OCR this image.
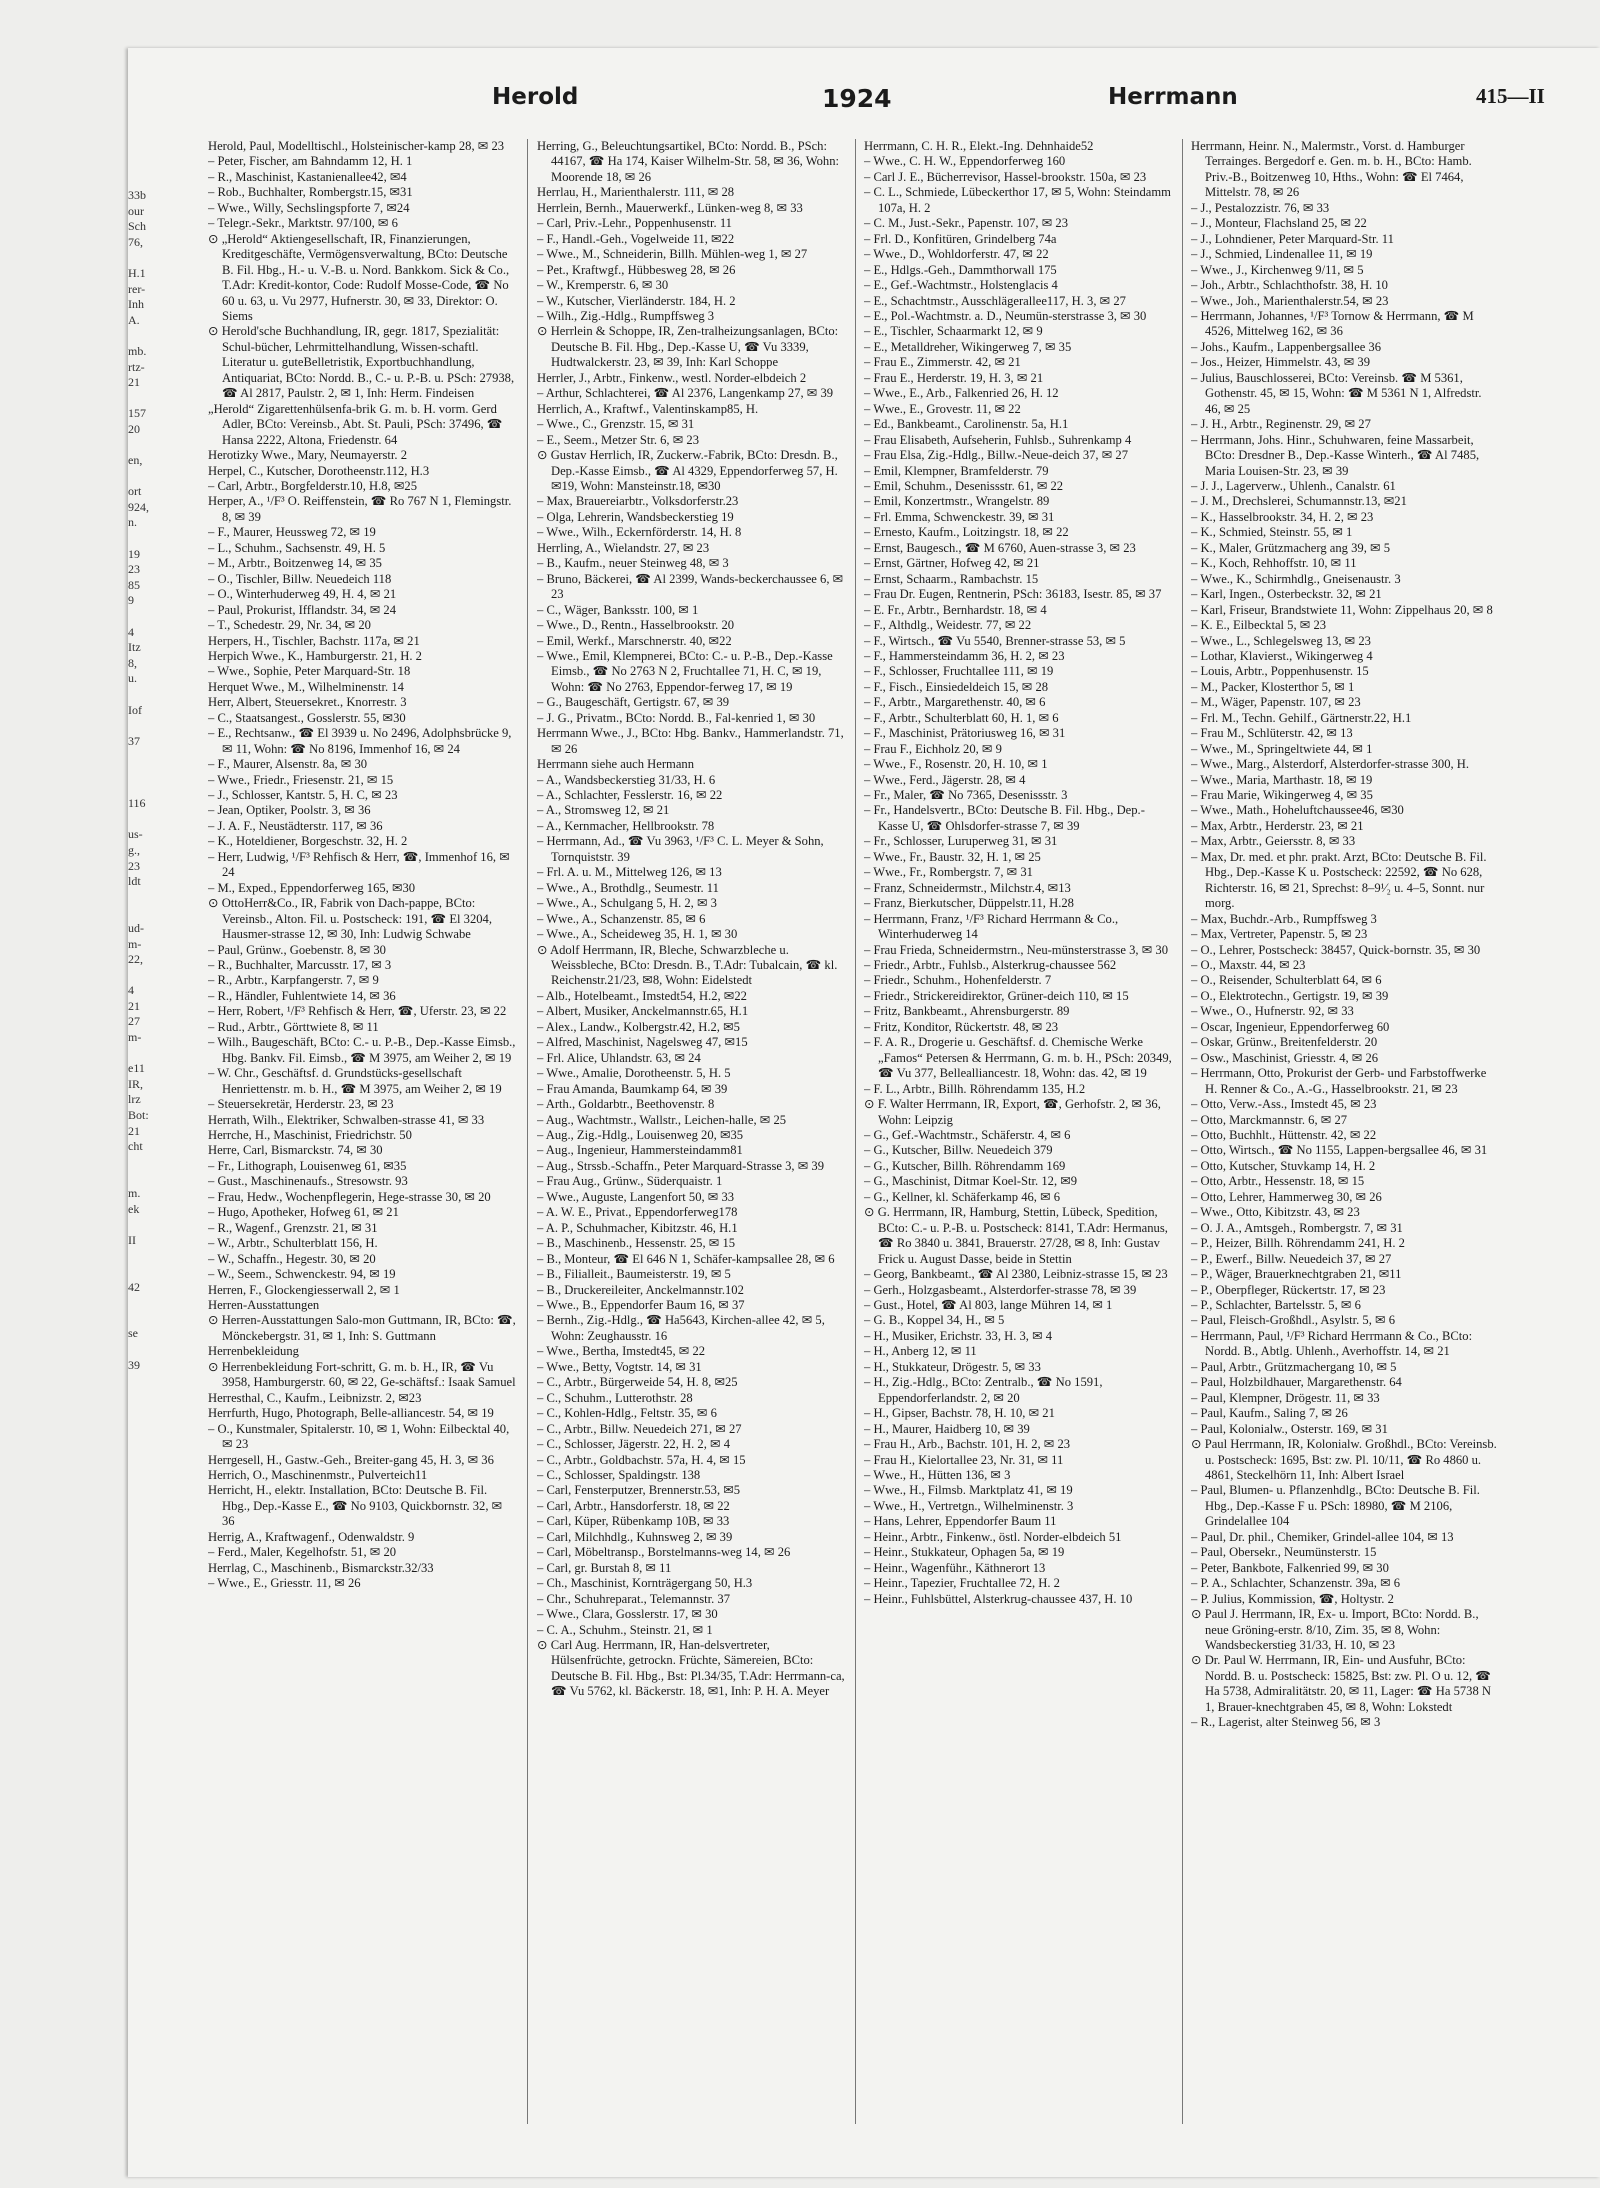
33b
our
Sch
76,

H.1
rer-
Inh
A.

mb.
rtz-
21

157
20

en,

ort
924,
n.

19
23
85
9

4
Itz
8,
u.

Iof

37

116

us-
g.,
23
ldt

ud-
m-
22,

4
21
27
m-

e11
IR,
lrz
Bot:
21
cht

m.
ek

II

42

se

39
Herold	1924	Herrmann	415—II

Herold, Paul, Modelltischl., Holsteinischer-kamp 28, ✉ 23

– Peter, Fischer, am Bahndamm 12, H. 1

– R., Maschinist, Kastanienallee42, ✉4

– Rob., Buchhalter, Rombergstr.15, ✉31

– Wwe., Willy, Sechslingspforte 7, ✉24

– Telegr.-Sekr., Marktstr. 97/100, ✉ 6

⊙ „Herold“ Aktiengesellschaft, IR, Finanzierungen, Kreditgeschäfte, Vermögensverwaltung, BCto: Deutsche B. Fil. Hbg., H.- u. V.-B. u. Nord. Bankkom. Sick & Co., T.Adr: Kredit-kontor, Code: Rudolf Mosse-Code, ☎ No 60 u. 63, u. Vu 2977, Hufnerstr. 30, ✉ 33, Direktor: O. Siems

⊙ Herold'sche Buchhandlung, IR, gegr. 1817, Spezialität: Schul-bücher, Lehrmittelhandlung, Wissen-schaftl. Literatur u. guteBelletristik, Exportbuchhandlung, Antiquariat, BCto: Nordd. B., C.- u. P.-B. u. PSch: 27938, ☎ Al 2817, Paulstr. 2, ✉ 1, Inh: Herm. Findeisen

„Herold“ Zigarettenhülsenfa-brik G. m. b. H. vorm. Gerd Adler, BCto: Vereinsb., Abt. St. Pauli, PSch: 37496, ☎ Hansa 2222, Altona, Friedenstr. 64

Herotizky Wwe., Mary, Neumayerstr. 2

Herpel, C., Kutscher, Dorotheenstr.112, H.3

– Carl, Arbtr., Borgfelderstr.10, H.8, ✉25

Herper, A., ¹/F³ O. Reiffenstein, ☎ Ro 767 N 1, Flemingstr. 8, ✉ 39

– F., Maurer, Heussweg 72, ✉ 19

– L., Schuhm., Sachsenstr. 49, H. 5

– M., Arbtr., Boitzenweg 14, ✉ 35

– O., Tischler, Billw. Neuedeich 118

– O., Winterhuderweg 49, H. 4, ✉ 21

– Paul, Prokurist, Ifflandstr. 34, ✉ 24

– T., Schedestr. 29, Nr. 34, ✉ 20

Herpers, H., Tischler, Bachstr. 117a, ✉ 21

Herpich Wwe., K., Hamburgerstr. 21, H. 2

– Wwe., Sophie, Peter Marquard-Str. 18

Herquet Wwe., M., Wilhelminenstr. 14

Herr, Albert, Steuersekret., Knorrestr. 3

– C., Staatsangest., Gosslerstr. 55, ✉30

– E., Rechtsanw., ☎ El 3939 u. No 2496, Adolphsbrücke 9, ✉ 11, Wohn: ☎ No 8196, Immenhof 16, ✉ 24

– F., Maurer, Alsenstr. 8a, ✉ 30

– Wwe., Friedr., Friesenstr. 21, ✉ 15

– J., Schlosser, Kantstr. 5, H. C, ✉ 23

– Jean, Optiker, Poolstr. 3, ✉ 36

– J. A. F., Neustädterstr. 117, ✉ 36

– K., Hoteldiener, Borgeschstr. 32, H. 2

– Herr, Ludwig, ¹/F³ Rehfisch & Herr, ☎, Immenhof 16, ✉ 24

– M., Exped., Eppendorferweg 165, ✉30

⊙ OttoHerr&Co., IR, Fabrik von Dach-pappe, BCto: Vereinsb., Alton. Fil. u. Postscheck: 191, ☎ El 3204, Hausmer-strasse 12, ✉ 30, Inh: Ludwig Schwabe

– Paul, Grünw., Goebenstr. 8, ✉ 30

– R., Buchhalter, Marcusstr. 17, ✉ 3

– R., Arbtr., Karpfangerstr. 7, ✉ 9

– R., Händler, Fuhlentwiete 14, ✉ 36

– Herr, Robert, ¹/F³ Rehfisch & Herr, ☎, Uferstr. 23, ✉ 22

– Rud., Arbtr., Görttwiete 8, ✉ 11

– Wilh., Baugeschäft, BCto: C.- u. P.-B., Dep.-Kasse Eimsb., Hbg. Bankv. Fil. Eimsb., ☎ M 3975, am Weiher 2, ✉ 19

– W. Chr., Geschäftsf. d. Grundstücks-gesellschaft Henriettenstr. m. b. H., ☎ M 3975, am Weiher 2, ✉ 19

– Steuersekretär, Herderstr. 23, ✉ 23

Herrath, Wilh., Elektriker, Schwalben-strasse 41, ✉ 33

Herrche, H., Maschinist, Friedrichstr. 50

Herre, Carl, Bismarckstr. 74, ✉ 30

– Fr., Lithograph, Louisenweg 61, ✉35

– Gust., Maschinenaufs., Stresowstr. 93

– Frau, Hedw., Wochenpflegerin, Hege-strasse 30, ✉ 20

– Hugo, Apotheker, Hofweg 61, ✉ 21

– R., Wagenf., Grenzstr. 21, ✉ 31

– W., Arbtr., Schulterblatt 156, H.

– W., Schaffn., Hegestr. 30, ✉ 20

– W., Seem., Schwenckestr. 94, ✉ 19

Herren, F., Glockengiesserwall 2, ✉ 1

Herren-Ausstattungen

⊙ Herren-Ausstattungen Salo-mon Guttmann, IR, BCto: ☎, Mönckebergstr. 31, ✉ 1, Inh: S. Guttmann

Herrenbekleidung

⊙ Herrenbekleidung Fort-schritt, G. m. b. H., IR, ☎ Vu 3958, Hamburgerstr. 60, ✉ 22, Ge-schäftsf.: Isaak Samuel

Herresthal, C., Kaufm., Leibnizstr. 2, ✉23

Herrfurth, Hugo, Photograph, Belle-alliancestr. 54, ✉ 19

– O., Kunstmaler, Spitalerstr. 10, ✉ 1, Wohn: Eilbecktal 40, ✉ 23

Herrgesell, H., Gastw.-Geh., Breiter-gang 45, H. 3, ✉ 36

Herrich, O., Maschinenmstr., Pulverteich11

Herricht, H., elektr. Installation, BCto: Deutsche B. Fil. Hbg., Dep.-Kasse E., ☎ No 9103, Quickbornstr. 32, ✉ 36

Herrig, A., Kraftwagenf., Odenwaldstr. 9

– Ferd., Maler, Kegelhofstr. 51, ✉ 20

Herrlag, C., Maschinenb., Bismarckstr.32/33

– Wwe., E., Griesstr. 11, ✉ 26

Herring, G., Beleuchtungsartikel, BCto: Nordd. B., PSch: 44167, ☎ Ha 174, Kaiser Wilhelm-Str. 58, ✉ 36, Wohn: Moorende 18, ✉ 26

Herrlau, H., Marienthalerstr. 111, ✉ 28

Herrlein, Bernh., Mauerwerkf., Lünken-weg 8, ✉ 33

– Carl, Priv.-Lehr., Poppenhusenstr. 11

– F., Handl.-Geh., Vogelweide 11, ✉22

– Wwe., M., Schneiderin, Billh. Mühlen-weg 1, ✉ 27

– Pet., Kraftwgf., Hübbesweg 28, ✉ 26

– W., Kremperstr. 6, ✉ 30

– W., Kutscher, Vierländerstr. 184, H. 2

– Wilh., Zig.-Hdlg., Rumpffsweg 3

⊙ Herrlein & Schoppe, IR, Zen-tralheizungsanlagen, BCto: Deutsche B. Fil. Hbg., Dep.-Kasse U, ☎ Vu 3339, Hudtwalckerstr. 23, ✉ 39, Inh: Karl Schoppe

Herrler, J., Arbtr., Finkenw., westl. Norder-elbdeich 2

– Arthur, Schlachterei, ☎ Al 2376, Langenkamp 27, ✉ 39

Herrlich, A., Kraftwf., Valentinskamp85, H.

– Wwe., C., Grenzstr. 15, ✉ 31

– E., Seem., Metzer Str. 6, ✉ 23

⊙ Gustav Herrlich, IR, Zuckerw.-Fabrik, BCto: Dresdn. B., Dep.-Kasse Eimsb., ☎ Al 4329, Eppendorferweg 57, H. ✉19, Wohn: Mansteinstr.18, ✉30

– Max, Brauereiarbtr., Volksdorferstr.23

– Olga, Lehrerin, Wandsbeckerstieg 19

– Wwe., Wilh., Eckernförderstr. 14, H. 8

Herrling, A., Wielandstr. 27, ✉ 23

– B., Kaufm., neuer Steinweg 48, ✉ 3

– Bruno, Bäckerei, ☎ Al 2399, Wands-beckerchaussee 6, ✉ 23

– C., Wäger, Banksstr. 100, ✉ 1

– Wwe., D., Rentn., Hasselbrookstr. 20

– Emil, Werkf., Marschnerstr. 40, ✉22

– Wwe., Emil, Klempnerei, BCto: C.- u. P.-B., Dep.-Kasse Eimsb., ☎ No 2763 N 2, Fruchtallee 71, H. C, ✉ 19, Wohn: ☎ No 2763, Eppendor-ferweg 17, ✉ 19

– G., Baugeschäft, Gertigstr. 67, ✉ 39

– J. G., Privatm., BCto: Nordd. B., Fal-kenried 1, ✉ 30

Herrmann Wwe., J., BCto: Hbg. Bankv., Hammerlandstr. 71, ✉ 26

Herrmann siehe auch Hermann

– A., Wandsbeckerstieg 31/33, H. 6

– A., Schlachter, Fesslerstr. 16, ✉ 22

– A., Stromsweg 12, ✉ 21

– A., Kernmacher, Hellbrookstr. 78

– Herrmann, Ad., ☎ Vu 3963, ¹/F³ C. L. Meyer & Sohn, Tornquiststr. 39

– Frl. A. u. M., Mittelweg 126, ✉ 13

– Wwe., A., Brothdlg., Seumestr. 11

– Wwe., A., Schulgang 5, H. 2, ✉ 3

– Wwe., A., Schanzenstr. 85, ✉ 6

– Wwe., A., Scheideweg 35, H. 1, ✉ 30

⊙ Adolf Herrmann, IR, Bleche, Schwarzbleche u. Weissbleche, BCto: Dresdn. B., T.Adr: Tubalcain, ☎ kl. Reichenstr.21/23, ✉8, Wohn: Eidelstedt

– Alb., Hotelbeamt., Imstedt54, H.2, ✉22

– Albert, Musiker, Anckelmannstr.65, H.1

– Alex., Landw., Kolbergstr.42, H.2, ✉5

– Alfred, Maschinist, Nagelsweg 47, ✉15

– Frl. Alice, Uhlandstr. 63, ✉ 24

– Wwe., Amalie, Dorotheenstr. 5, H. 5

– Frau Amanda, Baumkamp 64, ✉ 39

– Arth., Goldarbtr., Beethovenstr. 8

– Aug., Wachtmstr., Wallstr., Leichen-halle, ✉ 25

– Aug., Zig.-Hdlg., Louisenweg 20, ✉35

– Aug., Ingenieur, Hammersteindamm81

– Aug., Strssb.-Schaffn., Peter Marquard-Strasse 3, ✉ 39

– Frau Aug., Grünw., Süderquaistr. 1

– Wwe., Auguste, Langenfort 50, ✉ 33

– A. W. E., Privat., Eppendorferweg178

– A. P., Schuhmacher, Kibitzstr. 46, H.1

– B., Maschinenb., Hessenstr. 25, ✉ 15

– B., Monteur, ☎ El 646 N 1, Schäfer-kampsallee 28, ✉ 6

– B., Filialleit., Baumeisterstr. 19, ✉ 5

– B., Druckereileiter, Anckelmannstr.102

– Wwe., B., Eppendorfer Baum 16, ✉ 37

– Bernh., Zig.-Hdlg., ☎ Ha5643, Kirchen-allee 42, ✉ 5, Wohn: Zeughausstr. 16

– Wwe., Bertha, Imstedt45, ✉ 22

– Wwe., Betty, Vogtstr. 14, ✉ 31

– C., Arbtr., Bürgerweide 54, H. 8, ✉25

– C., Schuhm., Lutterothstr. 28

– C., Kohlen-Hdlg., Feltstr. 35, ✉ 6

– C., Arbtr., Billw. Neuedeich 271, ✉ 27

– C., Schlosser, Jägerstr. 22, H. 2, ✉ 4

– C., Arbtr., Goldbachstr. 57a, H. 4, ✉ 15

– C., Schlosser, Spaldingstr. 138

– Carl, Fensterputzer, Brennerstr.53, ✉5

– Carl, Arbtr., Hansdorferstr. 18, ✉ 22

– Carl, Küper, Rübenkamp 10B, ✉ 33

– Carl, Milchhdlg., Kuhnsweg 2, ✉ 39

– Carl, Möbeltransp., Borstelmanns-weg 14, ✉ 26

– Carl, gr. Burstah 8, ✉ 11

– Ch., Maschinist, Kornträgergang 50, H.3

– Chr., Schuhreparat., Telemannstr. 37

– Wwe., Clara, Gosslerstr. 17, ✉ 30

– C. A., Schuhm., Steinstr. 21, ✉ 1

⊙ Carl Aug. Herrmann, IR, Han-delsvertreter, Hülsenfrüchte, getrockn. Früchte, Sämereien, BCto: Deutsche B. Fil. Hbg., Bst: Pl.34/35, T.Adr: Herrmann-ca, ☎ Vu 5762, kl. Bäckerstr. 18, ✉1, Inh: P. H. A. Meyer

Herrmann, C. H. R., Elekt.-Ing. Dehnhaide52

– Wwe., C. H. W., Eppendorferweg 160

– Carl J. E., Bücherrevisor, Hassel-brookstr. 150a, ✉ 23

– C. L., Schmiede, Lübeckerthor 17, ✉ 5, Wohn: Steindamm 107a, H. 2

– C. M., Just.-Sekr., Papenstr. 107, ✉ 23

– Frl. D., Konfitüren, Grindelberg 74a

– Wwe., D., Wohldorferstr. 47, ✉ 22

– E., Hdlgs.-Geh., Dammthorwall 175

– E., Gef.-Wachtmstr., Holstenglacis 4

– E., Schachtmstr., Ausschlägerallee117, H. 3, ✉ 27

– E., Pol.-Wachtmstr. a. D., Neumün-sterstrasse 3, ✉ 30

– E., Tischler, Schaarmarkt 12, ✉ 9

– E., Metalldreher, Wikingerweg 7, ✉ 35

– Frau E., Zimmerstr. 42, ✉ 21

– Frau E., Herderstr. 19, H. 3, ✉ 21

– Wwe., E., Arb., Falkenried 26, H. 12

– Wwe., E., Grovestr. 11, ✉ 22

– Ed., Bankbeamt., Carolinenstr. 5a, H.1

– Frau Elisabeth, Aufseherin, Fuhlsb., Suhrenkamp 4

– Frau Elsa, Zig.-Hdlg., Billw.-Neue-deich 37, ✉ 27

– Emil, Klempner, Bramfelderstr. 79

– Emil, Schuhm., Desenissstr. 61, ✉ 22

– Emil, Konzertmstr., Wrangelstr. 89

– Frl. Emma, Schwenckestr. 39, ✉ 31

– Ernesto, Kaufm., Loitzingstr. 18, ✉ 22

– Ernst, Baugesch., ☎ M 6760, Auen-strasse 3, ✉ 23

– Ernst, Gärtner, Hofweg 42, ✉ 21

– Ernst, Schaarm., Rambachstr. 15

– Frau Dr. Eugen, Rentnerin, PSch: 36183, Isestr. 85, ✉ 37

– E. Fr., Arbtr., Bernhardstr. 18, ✉ 4

– F., Althdlg., Weidestr. 77, ✉ 22

– F., Wirtsch., ☎ Vu 5540, Brenner-strasse 53, ✉ 5

– F., Hammersteindamm 36, H. 2, ✉ 23

– F., Schlosser, Fruchtallee 111, ✉ 19

– F., Fisch., Einsiedeldeich 15, ✉ 28

– F., Arbtr., Margarethenstr. 40, ✉ 6

– F., Arbtr., Schulterblatt 60, H. 1, ✉ 6

– F., Maschinist, Prätoriusweg 16, ✉ 31

– Frau F., Eichholz 20, ✉ 9

– Wwe., F., Rosenstr. 20, H. 10, ✉ 1

– Wwe., Ferd., Jägerstr. 28, ✉ 4

– Fr., Maler, ☎ No 7365, Desenissstr. 3

– Fr., Handelsvertr., BCto: Deutsche B. Fil. Hbg., Dep.-Kasse U, ☎ Ohlsdorfer-strasse 7, ✉ 39

– Fr., Schlosser, Luruperweg 31, ✉ 31

– Wwe., Fr., Baustr. 32, H. 1, ✉ 25

– Wwe., Fr., Rombergstr. 7, ✉ 31

– Franz, Schneidermstr., Milchstr.4, ✉13

– Franz, Bierkutscher, Düppelstr.11, H.28

– Herrmann, Franz, ¹/F³ Richard Herrmann & Co., Winterhuderweg 14

– Frau Frieda, Schneidermstrn., Neu-münsterstrasse 3, ✉ 30

– Friedr., Arbtr., Fuhlsb., Alsterkrug-chaussee 562

– Friedr., Schuhm., Hohenfelderstr. 7

– Friedr., Strickereidirektor, Grüner-deich 110, ✉ 15

– Fritz, Bankbeamt., Ahrensburgerstr. 89

– Fritz, Konditor, Rückertstr. 48, ✉ 23

– F. A. R., Drogerie u. Geschäftsf. d. Chemische Werke „Famos“ Petersen & Herrmann, G. m. b. H., PSch: 20349, ☎ Vu 377, Bellealliancestr. 18, Wohn: das. 42, ✉ 19

– F. L., Arbtr., Billh. Röhrendamm 135, H.2

⊙ F. Walter Herrmann, IR, Export, ☎, Gerhofstr. 2, ✉ 36, Wohn: Leipzig

– G., Gef.-Wachtmstr., Schäferstr. 4, ✉ 6

– G., Kutscher, Billw. Neuedeich 379

– G., Kutscher, Billh. Röhrendamm 169

– G., Maschinist, Ditmar Koel-Str. 12, ✉9

– G., Kellner, kl. Schäferkamp 46, ✉ 6

⊙ G. Herrmann, IR, Hamburg, Stettin, Lübeck, Spedition, BCto: C.- u. P.-B. u. Postscheck: 8141, T.Adr: Hermanus, ☎ Ro 3840 u. 3841, Brauerstr. 27/28, ✉ 8, Inh: Gustav Frick u. August Dasse, beide in Stettin

– Georg, Bankbeamt., ☎ Al 2380, Leibniz-strasse 15, ✉ 23

– Gerh., Holzgasbeamt., Alsterdorfer-strasse 78, ✉ 39

– Gust., Hotel, ☎ Al 803, lange Mühren 14, ✉ 1

– G. B., Koppel 34, H., ✉ 5

– H., Musiker, Erichstr. 33, H. 3, ✉ 4

– H., Anberg 12, ✉ 11

– H., Stukkateur, Drögestr. 5, ✉ 33

– H., Zig.-Hdlg., BCto: Zentralb., ☎ No 1591, Eppendorferlandstr. 2, ✉ 20

– H., Gipser, Bachstr. 78, H. 10, ✉ 21

– H., Maurer, Haidberg 10, ✉ 39

– Frau H., Arb., Bachstr. 101, H. 2, ✉ 23

– Frau H., Kielortallee 23, Nr. 31, ✉ 11

– Wwe., H., Hütten 136, ✉ 3

– Wwe., H., Filmsb. Marktplatz 41, ✉ 19

– Wwe., H., Vertretgn., Wilhelminenstr. 3

– Hans, Lehrer, Eppendorfer Baum 11

– Heinr., Arbtr., Finkenw., östl. Norder-elbdeich 51

– Heinr., Stukkateur, Ophagen 5a, ✉ 19

– Heinr., Wagenführ., Käthnerort 13

– Heinr., Tapezier, Fruchtallee 72, H. 2

– Heinr., Fuhlsbüttel, Alsterkrug-chaussee 437, H. 10

Herrmann, Heinr. N., Malermstr., Vorst. d. Hamburger Terrainges. Bergedorf e. Gen. m. b. H., BCto: Hamb. Priv.-B., Boitzenweg 10, Hths., Wohn: ☎ El 7464, Mittelstr. 78, ✉ 26

– J., Pestalozzistr. 76, ✉ 33

– J., Monteur, Flachsland 25, ✉ 22

– J., Lohndiener, Peter Marquard-Str. 11

– J., Schmied, Lindenallee 11, ✉ 19

– Wwe., J., Kirchenweg 9/11, ✉ 5

– Joh., Arbtr., Schlachthofstr. 38, H. 10

– Wwe., Joh., Marienthalerstr.54, ✉ 23

– Herrmann, Johannes, ¹/F³ Tornow & Herrmann, ☎ M 4526, Mittelweg 162, ✉ 36

– Johs., Kaufm., Lappenbergsallee 36

– Jos., Heizer, Himmelstr. 43, ✉ 39

– Julius, Bauschlosserei, BCto: Vereinsb. ☎ M 5361, Gothenstr. 45, ✉ 15, Wohn: ☎ M 5361 N 1, Alfredstr. 46, ✉ 25

– J. H., Arbtr., Reginenstr. 29, ✉ 27

– Herrmann, Johs. Hinr., Schuhwaren, feine Massarbeit, BCto: Dresdner B., Dep.-Kasse Winterh., ☎ Al 7485, Maria Louisen-Str. 23, ✉ 39

– J. J., Lagerverw., Uhlenh., Canalstr. 61

– J. M., Drechslerei, Schumannstr.13, ✉21

– K., Hasselbrookstr. 34, H. 2, ✉ 23

– K., Schmied, Steinstr. 55, ✉ 1

– K., Maler, Grützmacherg ang 39, ✉ 5

– K., Koch, Rehhoffstr. 10, ✉ 11

– Wwe., K., Schirmhdlg., Gneisenaustr. 3

– Karl, Ingen., Osterbeckstr. 32, ✉ 21

– Karl, Friseur, Brandstwiete 11, Wohn: Zippelhaus 20, ✉ 8

– K. E., Eilbecktal 5, ✉ 23

– Wwe., L., Schlegelsweg 13, ✉ 23

– Lothar, Klavierst., Wikingerweg 4

– Louis, Arbtr., Poppenhusenstr. 15

– M., Packer, Klosterthor 5, ✉ 1

– M., Wäger, Papenstr. 107, ✉ 23

– Frl. M., Techn. Gehilf., Gärtnerstr.22, H.1

– Frau M., Schlüterstr. 42, ✉ 13

– Wwe., M., Springeltwiete 44, ✉ 1

– Wwe., Marg., Alsterdorf, Alsterdorfer-strasse 300, H.

– Wwe., Maria, Marthastr. 18, ✉ 19

– Frau Marie, Wikingerweg 4, ✉ 35

– Wwe., Math., Hoheluftchaussee46, ✉30

– Max, Arbtr., Herderstr. 23, ✉ 21

– Max, Arbtr., Geiersstr. 8, ✉ 33

– Max, Dr. med. et phr. prakt. Arzt, BCto: Deutsche B. Fil. Hbg., Dep.-Kasse K u. Postscheck: 22592, ☎ No 628, Richterstr. 16, ✉ 21, Sprechst: 8–9¹⁄₂ u. 4–5, Sonnt. nur morg.

– Max, Buchdr.-Arb., Rumpffsweg 3

– Max, Vertreter, Papenstr. 5, ✉ 23

– O., Lehrer, Postscheck: 38457, Quick-bornstr. 35, ✉ 30

– O., Maxstr. 44, ✉ 23

– O., Reisender, Schulterblatt 64, ✉ 6

– O., Elektrotechn., Gertigstr. 19, ✉ 39

– Wwe., O., Hufnerstr. 92, ✉ 33

– Oscar, Ingenieur, Eppendorferweg 60

– Oskar, Grünw., Breitenfelderstr. 20

– Osw., Maschinist, Griesstr. 4, ✉ 26

– Herrmann, Otto, Prokurist der Gerb- und Farbstoffwerke H. Renner & Co., A.-G., Hasselbrookstr. 21, ✉ 23

– Otto, Verw.-Ass., Imstedt 45, ✉ 23

– Otto, Marckmannstr. 6, ✉ 27

– Otto, Buchhlt., Hüttenstr. 42, ✉ 22

– Otto, Wirtsch., ☎ No 1155, Lappen-bergsallee 46, ✉ 31

– Otto, Kutscher, Stuvkamp 14, H. 2

– Otto, Arbtr., Hessenstr. 18, ✉ 15

– Otto, Lehrer, Hammerweg 30, ✉ 26

– Wwe., Otto, Kibitzstr. 43, ✉ 23

– O. J. A., Amtsgeh., Rombergstr. 7, ✉ 31

– P., Heizer, Billh. Röhrendamm 241, H. 2

– P., Ewerf., Billw. Neuedeich 37, ✉ 27

– P., Wäger, Brauerknechtgraben 21, ✉11

– P., Oberpfleger, Rückertstr. 17, ✉ 23

– P., Schlachter, Bartelsstr. 5, ✉ 6

– Paul, Fleisch-Großhdl., Asylstr. 5, ✉ 6

– Herrmann, Paul, ¹/F³ Richard Herrmann & Co., BCto: Nordd. B., Abtlg. Uhlenh., Averhoffstr. 14, ✉ 21

– Paul, Arbtr., Grützmachergang 10, ✉ 5

– Paul, Holzbildhauer, Margarethenstr. 64

– Paul, Klempner, Drögestr. 11, ✉ 33

– Paul, Kaufm., Saling 7, ✉ 26

– Paul, Kolonialw., Osterstr. 169, ✉ 31

⊙ Paul Herrmann, IR, Kolonialw. Großhdl., BCto: Vereinsb. u. Postscheck: 1695, Bst: zw. Pl. 10/11, ☎ Ro 4860 u. 4861, Steckelhörn 11, Inh: Albert Israel

– Paul, Blumen- u. Pflanzenhdlg., BCto: Deutsche B. Fil. Hbg., Dep.-Kasse F u. PSch: 18980, ☎ M 2106, Grindelallee 104

– Paul, Dr. phil., Chemiker, Grindel-allee 104, ✉ 13

– Paul, Obersekr., Neumünsterstr. 15

– Peter, Bankbote, Falkenried 99, ✉ 30

– P. A., Schlachter, Schanzenstr. 39a, ✉ 6

– P. Julius, Kommission, ☎, Holtystr. 2

⊙ Paul J. Herrmann, IR, Ex- u. Import, BCto: Nordd. B., neue Gröning-erstr. 8/10, Zim. 35, ✉ 8, Wohn: Wandsbeckerstieg 31/33, H. 10, ✉ 23

⊙ Dr. Paul W. Herrmann, IR, Ein- und Ausfuhr, BCto: Nordd. B. u. Postscheck: 15825, Bst: zw. Pl. O u. 12, ☎ Ha 5738, Admiralitätstr. 20, ✉ 11, Lager: ☎ Ha 5738 N 1, Brauer-knechtgraben 45, ✉ 8, Wohn: Lokstedt

– R., Lagerist, alter Steinweg 56, ✉ 3
